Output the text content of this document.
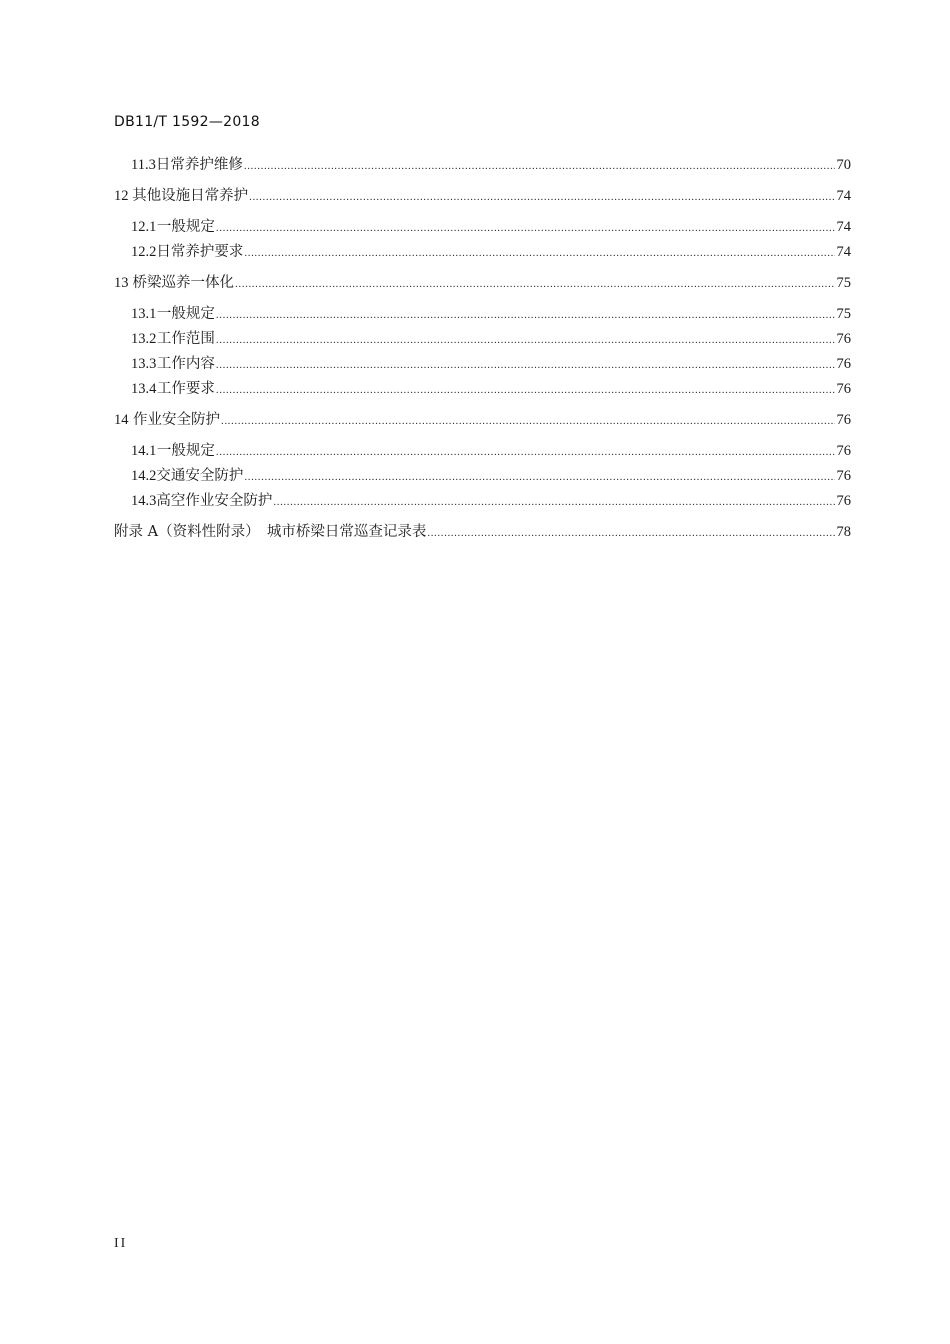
DB11/T 1592—2018
11.3 日常养护维修 .....	70
12 其他设施日常养护 .....	74
12.1 一般规定 .....	74
12.2 日常养护要求 .....	74
13 桥梁巡养一体化 .....	75
13.1 一般规定 .....	75
13.2 工作范围 .....	76
13.3 工作内容 .....	76
13.4 工作要求 .....	76
14 作业安全防护 .....	76
14.1 一般规定 .....	76
14.2 交通安全防护 .....	76
14.3 高空作业安全防护 .....	76
附录 A（资料性附录）　城市桥梁日常巡查记录表 .....	78
II
